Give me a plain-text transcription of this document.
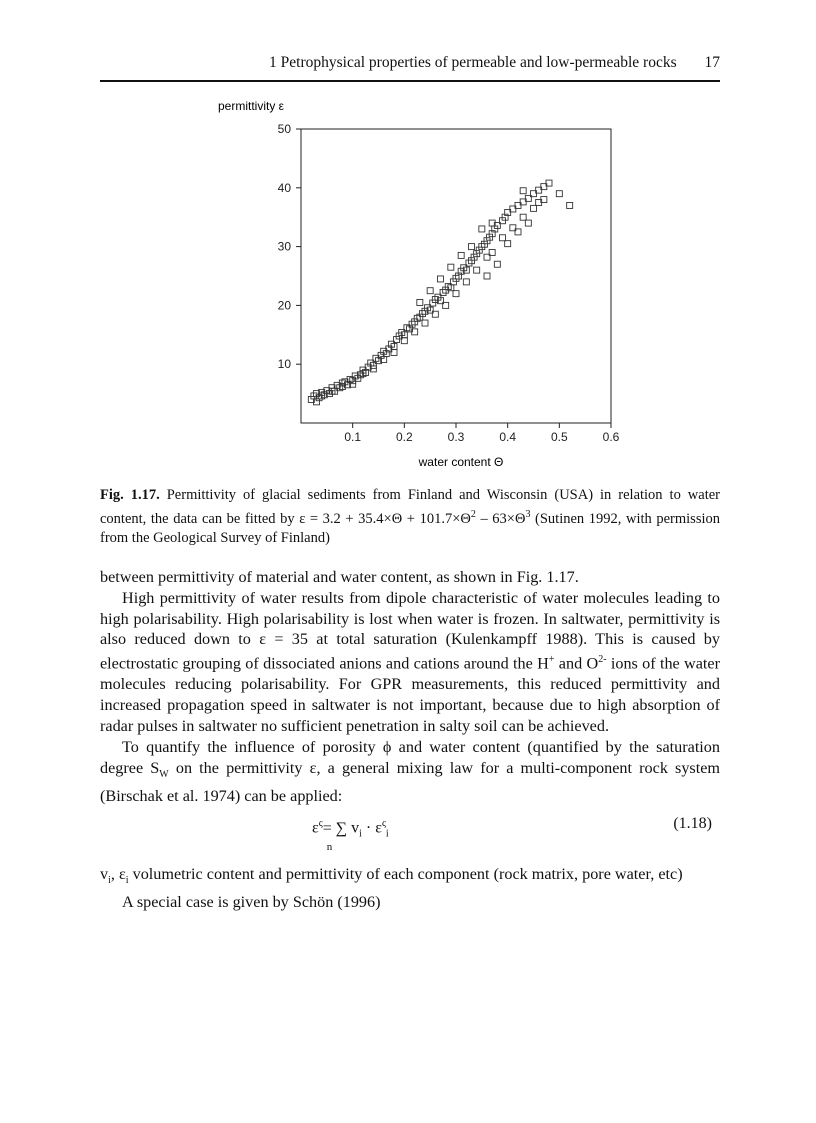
1 Petrophysical properties of permeable and low-permeable rocks 17
10
20
30
40
50
0.1	0.2	0.3	0.4	0.5	0.6
permittivity ε
water content Θ
Fig. 1.17. Permittivity of glacial sediments from Finland and Wisconsin (USA) in relation to water content, the data can be fitted by $\varepsilon = 3.2 + 35.4\times\Theta + 101.7\times\Theta^2 - 63\times\Theta^3$ (Sutinen 1992, with permission from the Geological Survey of Finland)

between permittivity of material and water content, as shown in Fig. 1.17.

High permittivity of water results from dipole characteristic of water molecules leading to high polarisability. High polarisability is lost when water is frozen. In saltwater, permittivity is also reduced down to ε = 35 at total saturation (Kulenkampff 1988). This is caused by electrostatic grouping of dissociated anions and cations around the H+ and $O^{2-}$ ions of the water molecules reducing polarisability. For GPR measurements, this reduced permittivity and increased propagation speed in saltwater is not important, because due to high absorption of radar pulses in saltwater no sufficient penetration in salty soil can be achieved.

To quantify the influence of porosity ϕ and water content (quantified by the saturation degree $S_W$ on the permittivity ε, a general mixing law for a multi-component rock system (Birschak et al. 1974) can be applied:

$\varepsilon^\varsigma=$ ∑
n
$v_i \cdot \varepsilon^\varsigma_i$
(1.18)

$v_i$, $\varepsilon_i$ volumetric content and permittivity of each component (rock matrix, pore water, etc)

A special case is given by Schön (1996)
